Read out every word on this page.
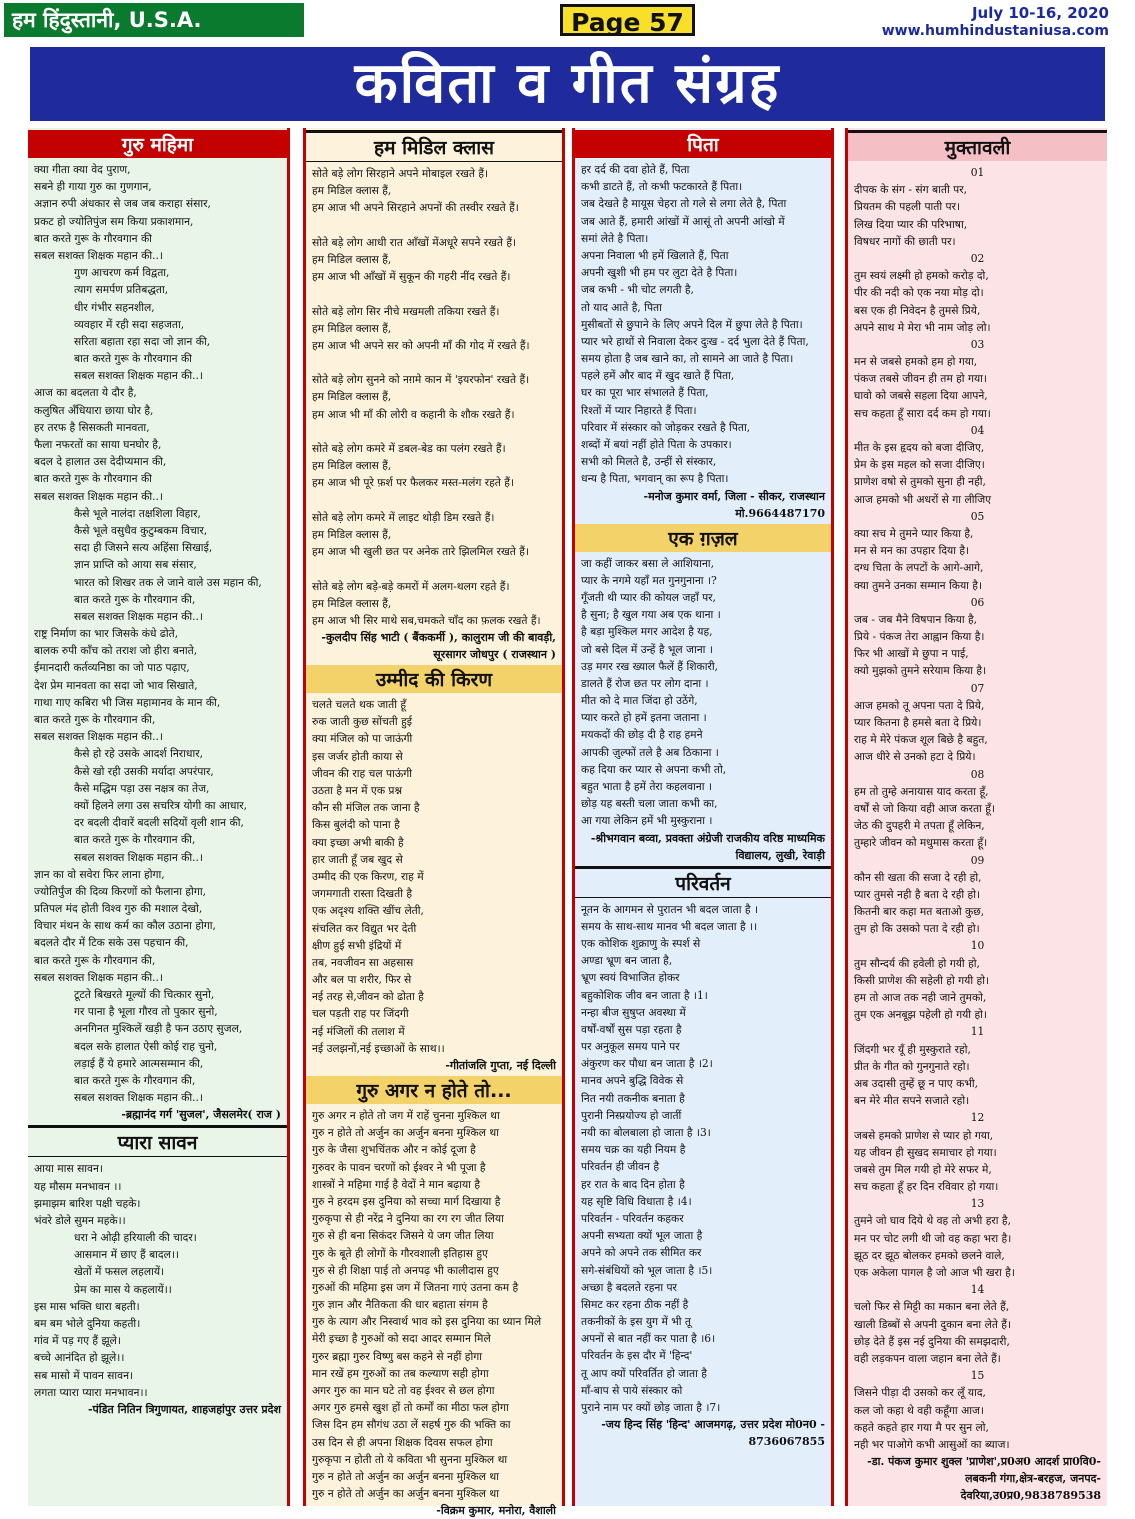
हम हिंदुस्तानी, U.S.A.	Page 57	July 10-16, 2020
www.humhindustaniusa.com
कविता व गीत संग्रह
गुरु महिमा
क्या गीता क्या वेद पुराण,
सबने ही गाया गुरु का गुणगान,
अज्ञान रुपी अंधकार से जब जब कराहा संसार,
प्रकट हो ज्योतिपुंज सम किया प्रकाशमान,
बात करते गुरू के गौरवगान की
सबल सशक्त शिक्षक महान की..।
गुण आचरण कर्म विद्वता,
त्याग समर्पण प्रतिबद्धता,
धीर गंभीर सहनशील,
व्यवहार में रही सदा सहजता,
सरिता बहाता रहा सदा जो ज्ञान की,
बात करते गुरू के गौरवगान की
सबल सशक्त शिक्षक महान की..।
आज का बदलता ये दौर है,
कलुषित अँधियारा छाया घोर है,
हर तरफ है सिसकती मानवता,
फैला नफरतों का साया घनघोर है,
बदल दे हालात उस देदीप्यमान की,
बात करते गुरू के गौरवगान की
सबल सशक्त शिक्षक महान की..।
कैसे भूले नालंदा तक्षशिला विहार,
कैसे भूले वसुधैव कुटुम्बकम विचार,
सदा ही जिसने सत्य अहिंसा सिखाई,
ज्ञान प्राप्ति को आया सब संसार,
भारत को शिखर तक ले जाने वाले उस महान की,
बात करते गुरू के गौरवगान की,
सबल सशक्त शिक्षक महान की..।
राष्ट्र निर्माण का भार जिसके कंधे ढोते,
बालक रुपी काँच को तराश जो हीरा बनाते,
ईमानदारी कर्तव्यनिष्ठा का जो पाठ पढ़ाए,
देश प्रेम मानवता का सदा जो भाव सिखाते,
गाथा गाए कबिरा भी जिस महामानव के मान की,
बात करते गुरू के गौरवगान की,
सबल सशक्त शिक्षक महान की..।
कैसे हो रहे उसके आदर्श निराधार,
कैसे खो रही उसकी मर्यादा अपरंपार,
कैसे मद्धिम पड़ा उस नक्षत्र का तेज,
क्यों हिलने लगा उस सचरित्र योगी का आधार,
दर बदली दीवारें बदली सदियों वृली शान की,
बात करते गुरू के गौरवगान की,
सबल सशक्त शिक्षक महान की..।
ज्ञान का वो सवेरा फिर लाना होगा,
ज्योतिर्पुंज की दिव्य किरणों को फैलाना होगा,
प्रतिपल मंद होती विश्व गुरु की मशाल देखो,
विचार मंथन के साथ कर्म का कौल उठाना होगा,
बदलते दौर में टिक सके उस पहचान की,
बात करते गुरू के गौरवगान की,
सबल सशक्त शिक्षक महान की..।
टूटते बिखरते मूल्यों की चित्कार सुनो,
गर पाना है भूला गौरव तो पुकार सुनो,
अनगिनत मुश्किलें खड़ी है फन उठाए सुजल,
बदल सके हालात ऐसी कोई राह चुनो,
लड़ाई हैं ये हमारे आत्मसम्मान की,
बात करते गुरू के गौरवगान की,
सबल सशक्त शिक्षक महान की..।
-ब्रह्मानंद गर्ग 'सुजल', जैसलमेर( राज )
प्यारा सावन
आया मास सावन।
यह मौसम मनभावन ।।
झमाझम बारिश पक्षी चहके।
भंवरे डोले सुमन महके।।
धरा ने ओढ़ी हरियाली की चादर।
आसमान में छाए हैं बादल।।
खेतों में फसल लहलायें।
प्रेम का मास ये कहलायें।।
इस मास भक्ति धारा बहती।
बम बम भोले दुनिया कहती।
गांव में पड़ गए हैं झूले।
बच्चे आनंदित हो झूले।।
सब मासो में पावन सावन।
लगता प्यारा प्यारा मनभावन।।
-पंडित नितिन त्रिगुणायत, शाहजहांपुर उत्तर प्रदेश
हम मिडिल क्लास
सोते बड़े लोग सिरहाने अपने मोबाइल रखते हैं।
हम मिडिल क्लास हैं,
हम आज भी अपने सिरहाने अपनों की तस्वीर रखते हैं।

सोते बड़े लोग आधी रात आँखों मेंअधूरे सपने रखते हैं।
हम मिडिल क्लास हैं,
हम आज भी आँखों में सुकून की गहरी नींद रखते हैं।

सोते बड़े लोग सिर नीचे मखमली तकिया रखते हैं।
हम मिडिल क्लास हैं,
हम आज भी अपने सर को अपनी माँ की गोद में रखते हैं।

सोते बड़े लोग सुनने को नग़मे कान में 'इयरफोन' रखते हैं।
हम मिडिल क्लास हैं,
हम आज भी माँ की लोरी व कहानी के शौक रखते हैं।

सोते बड़े लोग कमरे में डबल-बेड का पलंग रखते हैं।
हम मिडिल क्लास हैं,
हम आज भी पूरे फ़र्श पर फैलकर मस्त-मलंग रहते हैं।

सोते बड़े लोग कमरे में लाइट थोड़ी डिम रखते हैं।
हम मिडिल क्लास हैं,
हम आज भी खुली छत पर अनेक तारे झिलमिल रखते हैं।

सोते बड़े लोग बड़े-बड़े कमरों में अलग-थलग रहते हैं।
हम मिडिल क्लास हैं,
हम आज भी सिर माथे सब,चमकते चाँद का फ़लक रखते हैं।
-कुलदीप सिंह भाटी ( बैंककर्मी ), कालुराम जी की बावड़ी, सूरसागर जोधपुर ( राजस्थान )
उम्मीद की किरण
चलते चलते थक जाती हूँ
रुक जाती कुछ सोंचती हुई
क्या मंजिल को पा जाऊंगी
इस जर्जर होती काया से
जीवन की राह चल पाऊंगी
उठता है मन में एक प्रश्न
कौन सी मंजिल तक जाना है
किस बुलंदी को पाना है
क्या इच्छा अभी बाकी है
हार जाती हूँ जब खुद से
उम्मीद की एक किरण, राह में
जगमगाती रास्ता दिखती है
एक अदृश्य शक्ति खींच लेती,
संचलित कर विद्युत भर देती
क्षीण हुई सभी इंद्रियों में
तब, नवजीवन सा अहसास
और बल पा शरीर, फिर से
नई तरह से,जीवन को ढोता है
चल पड़ती राह पर जिंदगी
नई मंजिलों की तलाश में
नई उलझनों,नई इच्छाओं के साथ।।
-गीतांजलि गुप्ता, नई दिल्ली
गुरु अगर न होते तो...
गुरु अगर न होते तो जग में राहें चुनना मुश्किल था
गुरु न होते तो अर्जुन का अर्जुन बनना मुश्किल था
गुरु के जैसा शुभचिंतक और न कोई दूजा है
गुरुवर के पावन चरणों को ईश्वर ने भी पूजा है
शास्त्रों ने महिमा गाई है वेदों ने मान बढ़ाया है
गुरु ने हरदम इस दुनिया को सच्चा मार्ग दिखाया है
गुरुकृपा से ही नरेंद्र ने दुनिया का रग रग जीत लिया
गुरु से ही बना सिकंदर जिसने ये जग जीत लिया
गुरु के बूते ही लोगों के गौरवशाली इतिहास हुए
गुरु से ही शिक्षा पाई तो अनपढ़ भी कालीदास हुए
गुरुओं की महिमा इस जग में जितना गाएं उतना कम है
गुरु ज्ञान और नैतिकता की धार बहाता संगम है
गुरु के त्याग और निस्वार्थ भाव को इस दुनिया का ध्यान मिले
मेरी इच्छा है गुरुओं को सदा आदर सम्मान मिले
गुरुर ब्रह्मा गुरुर विष्णु बस कहने से नहीं होगा
मान रखें हम गुरुओं का तब कल्याण सही होगा
अगर गुरु का मान घटे तो वह ईश्वर से छल होगा
अगर गुरु हमसे खुश हों तो कर्मों का मीठा फल होगा
जिस दिन हम सौगंध उठा लें सहर्ष गुरु की भक्ति का
उस दिन से ही अपना शिक्षक दिवस सफल होगा
गुरुकृपा न होती तो ये कविता भी सुनना मुश्किल था
गुरु न होते तो अर्जुन का अर्जुन बनना मुश्किल था
गुरु न होते तो अर्जुन का अर्जुन बनना मुश्किल था
-विक्रम कुमार, मनोरा, वैशाली
पिता
हर दर्द की दवा होते हैं, पिता
कभी डाटते हैं, तो कभी फटकारते हैं पिता।
जब देखते है मायूस चेहरा तो गले से लगा लेते है, पिता
जब आते हैं, हमारी आंखों में आसूं तो अपनी आंखो में
समां लेते है पिता।
अपना निवाला भी हमें खिलाते हैं, पिता
अपनी खुशी भी हम पर लुटा देते है पिता।
जब कभी - भी चोट लगती है,
तो याद आते है, पिता
मुसीबतों से छुपाने के लिए अपने दिल में छुपा लेते है पिता।
प्यार भरे हाथों से निवाला देकर दुःख - दर्द भुला देते हैं पिता,
समय होता है जब खाने का, तो सामने आ जाते है पिता।
पहले हमें और बाद में खुद खाते हैं पिता,
घर का पूरा भार संभालते हैं पिता,
रिश्तों में प्यार निहारते हैं पिता।
परिवार में संस्कार को जोड़कर रखते है पिता,
शब्दों में बयां नहीं होते पिता के उपकार।
सभी को मिलते है, उन्हीं से संस्कार,
धन्य है पिता, भगवान् का रूप है पिता।
-मनोज कुमार वर्मा, जिला - सीकर, राजस्थान मो.9664487170
एक ग़ज़ल
जा कहीं जाकर बसा ले आशियाना,
प्यार के नगमे यहाँ मत गुनगुनाना ।?
गूँजती थी प्यार की कोयल जहाँ पर,
है सुना; है खुल गया अब एक थाना ।
है बड़ा मुश्किल मगर आदेश है यह,
जो बसे दिल में उन्हें है भूल जाना ।
उड़ मगर रख ख्याल फैलें हैं शिकारी,
डालते हैं रोज छत पर लोग दाना ।
मीत को दे मात जिंदा हो उठेंगे,
प्यार करते हो हमें इतना जताना ।
मयकदों की छोड़ दी है राह हमने
आपकी ज़ुल्फों तले है अब ठिकाना ।
कह दिया कर प्यार से अपना कभी तो,
बहुत भाता है हमें तेरा कहलवाना ।
छोड़ यह बस्ती चला जाता कभी का,
आ गया लेकिन हमें भी मुस्कुराना ।
-श्रीभगवान बव्वा, प्रवक्ता अंग्रेजी राजकीय वरिष्ठ माध्यमिक विद्यालय, लुखी, रेवाड़ी
परिवर्तन
नूतन के आगमन से पुरातन भी बदल जाता है ।
समय के साथ-साथ मानव भी बदल जाता है ।।
एक कोशिक शुक्राणु के स्पर्श से
अण्डा भ्रूण बन जाता है,
भ्रूण स्वयं विभाजित होकर
बहुकोशिक जीव बन जाता है ।1।
नन्हा बीज सुषुप्त अवस्था में
वर्षों-वर्षों सुस पड़ा रहता है
पर अनुकूल समय पाने पर
अंकुरण कर पौधा बन जाता है ।2।
मानव अपने बुद्धि विवेक से
नित नयी तकनीक बनाता है
पुरानी निस्प्रयोज्य हो जातीं
नयी का बोलबाला हो जाता है ।3।
समय चक्र का यही नियम है
परिवर्तन ही जीवन है
हर रात के बाद दिन होता है
यह सृष्टि विधि विधाता है ।4।
परिवर्तन - परिवर्तन कहकर
अपनी सभ्यता क्यों भूल जाता है
अपने को अपने तक सीमित कर
सगे-संबंधियों को भूल जाता है ।5।
अच्छा है बदलते रहना पर
सिमट कर रहना ठीक नहीं है
तकनीकों के इस युग में भी तू
अपनों से बात नहीं कर पाता है ।6।
परिवर्तन के इस दौर में 'हिन्द'
तू आप क्यों परिवर्तित हो जाता है
माँ-बाप से पाये संस्कार को
पुराने नाम पर क्यों छोड़ जाता है ।7।
-जय हिन्द सिंह 'हिन्द' आजमगढ़, उत्तर प्रदेश मो0न0 - 8736067855
मुक्तावली
01
दीपक के संग - संग बाती पर,
प्रियतम की पहली पाती पर।
लिख दिया प्यार की परिभाषा,
विषधर नागों की छाती पर।
02
तुम स्वयं लक्ष्मी हो हमको करोड़ दो,
पीर की नदी को एक नया मोड़ दो।
बस एक ही निवेदन है तुमसे प्रिये,
अपने साथ मे मेरा भी नाम जोड़ लो।
03
मन से जबसे हमको हम हो गया,
पंकज तबसे जीवन ही तम हो गया।
घावो को जबसे सहला दिया आपने,
सच कहता हूँ सारा दर्द कम हो गया।
04
मीत के इस हृदय को बजा दीजिए,
प्रेम के इस महल को सजा दीजिए।
प्राणेश वषो से तुमको सुना ही नही,
आज हमको भी अधरों से गा लीजिए
05
क्या सच मे तुमने प्यार किया है,
मन से मन का उपहार दिया है।
दग्ध चिता के लपटों के आगे-आगे,
क्या तुमने उनका सम्मान किया है।
06
जब - जब मैने विषपान किया है,
प्रिये - पंकज तेरा आह्वान किया है।
फिर भी आखों मे छुपा न पाई,
क्यो मुझको तुमने सरेयाम किया है।
07
आज हमको तू अपना पता दे प्रिये,
प्यार कितना है हमसे बता दे प्रिये।
राह मे मेरे पंकज शूल बिछे है बहुत,
आज धीरे से उनको हटा दे प्रिये।
08
हम तो तुम्हे अनायास याद करता हूँ,
वर्षों से जो किया वही आज करता हूँ।
जेठ की दुपहरी मे तपता हूँ लेकिन,
तुम्हारे जीवन को मधुमास करता हूँ।
09
कौन सी खता की सजा दे रही हो,
प्यार तुमसे नही है बता दे रही हो।
कितनी बार कहा मत बताओ कुछ,
तुम हो कि उसको पता दे रही हो।
10
तुम सौन्दर्य की हवेली हो गयी हो,
किसी प्राणेश की सहेली हो गयी हो।
हम तो आज तक नही जाने तुमको,
तुम एक अनबूझ पहेली हो गयी हो।
11
जिंदगी भर यूँ ही मुस्कुराते रहो,
प्रीत के गीत को गुनगुनाते रहो।
अब उदासी तुम्हें छू न पाए कभी,
बन मेरे मीत सपने सजाते रहो।
12
जबसे हमको प्राणेश से प्यार हो गया,
यह जीवन ही सुखद समाचार हो गया।
जबसे तुम मिल गयी हो मेरे सफर मे,
सच कहता हूँ हर दिन रविवार हो गया।
13
तुमने जो घाव दिये थे वह तो अभी हरा है,
मन पर चोट लगी थी जो वह कहा भरा है।
झूठ दर झूठ बोलकर हमको छलने वाले,
एक अकेला पागल है जो आज भी खरा है।
14
चलो फिर से मिट्टी का मकान बना लेते हैं,
खाली डिब्बों से अपनी दुकान बना लेते हैं।
छोड़ देते हैं इस नई दुनिया की समझदारी,
वही लड़कपन वाला जहान बना लेते हैं।
15
जिसने पीड़ा दी उसको कर लूँ याद,
कल जो कहा थे वही कहूँगा आज।
कहते कहते हार गया मै पर सुन लो,
नही भर पाओगे कभी आसुओं का ब्याज।
-डा. पंकज कुमार शुक्ल 'प्राणेश',प्र0अ0 आदर्श प्रा0वि0-लबकनी गंगा,क्षेत्र-बरहज, जनपद-देवरिया,उ0प्र0,9838789538
